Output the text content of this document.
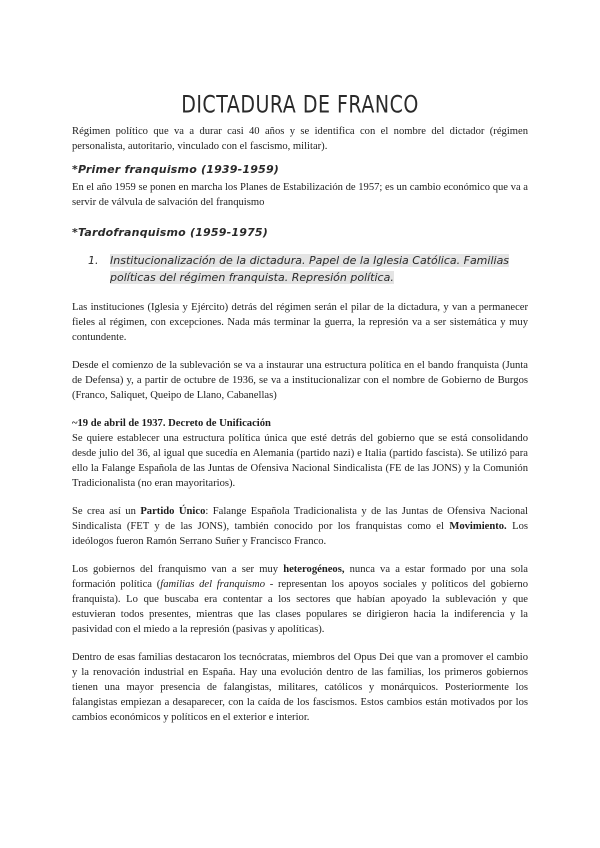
DICTADURA DE FRANCO

Régimen político que va a durar casi 40 años y se identifica con el nombre del dictador (régimen personalista, autoritario, vinculado con el fascismo, militar).

*Primer franquismo (1939-1959)

En el año 1959 se ponen en marcha los Planes de Estabilización de 1957; es un cambio económico que va a servir de válvula de salvación del franquismo

*Tardofranquismo (1959-1975)
1.	Institucionalización de la dictadura. Papel de la Iglesia Católica. Familias políticas del régimen franquista. Represión política.

Las instituciones (Iglesia y Ejército) detrás del régimen serán el pilar de la dictadura, y van a permanecer fieles al régimen, con excepciones. Nada más terminar la guerra, la represión va a ser sistemática y muy contundente.

Desde el comienzo de la sublevación se va a instaurar una estructura política en el bando franquista (Junta de Defensa) y, a partir de octubre de 1936, se va a institucionalizar con el nombre de Gobierno de Burgos (Franco, Saliquet, Queipo de Llano, Cabanellas)

~19 de abril de 1937. Decreto de Unificación

Se quiere establecer una estructura política única que esté detrás del gobierno que se está consolidando desde julio del 36, al igual que sucedía en Alemania (partido nazi) e Italia (partido fascista). Se utilizó para ello la Falange Española de las Juntas de Ofensiva Nacional Sindicalista (FE de las JONS) y la Comunión Tradicionalista (no eran mayoritarios).

Se crea así un Partido Único: Falange Española Tradicionalista y de las Juntas de Ofensiva Nacional Sindicalista (FET y de las JONS), también conocido por los franquistas como el Movimiento. Los ideólogos fueron Ramón Serrano Suñer y Francisco Franco.

Los gobiernos del franquismo van a ser muy heterogéneos, nunca va a estar formado por una sola formación política (familias del franquismo - representan los apoyos sociales y políticos del gobierno franquista). Lo que buscaba era contentar a los sectores que habían apoyado la sublevación y que estuvieran todos presentes, mientras que las clases populares se dirigieron hacia la indiferencia y la pasividad con el miedo a la represión (pasivas y apolíticas).

Dentro de esas familias destacaron los tecnócratas, miembros del Opus Dei que van a promover el cambio y la renovación industrial en España. Hay una evolución dentro de las familias, los primeros gobiernos tienen una mayor presencia de falangistas, militares, católicos y monárquicos. Posteriormente los falangistas empiezan a desaparecer, con la caída de los fascismos. Estos cambios están motivados por los cambios económicos y políticos en el exterior e interior.
